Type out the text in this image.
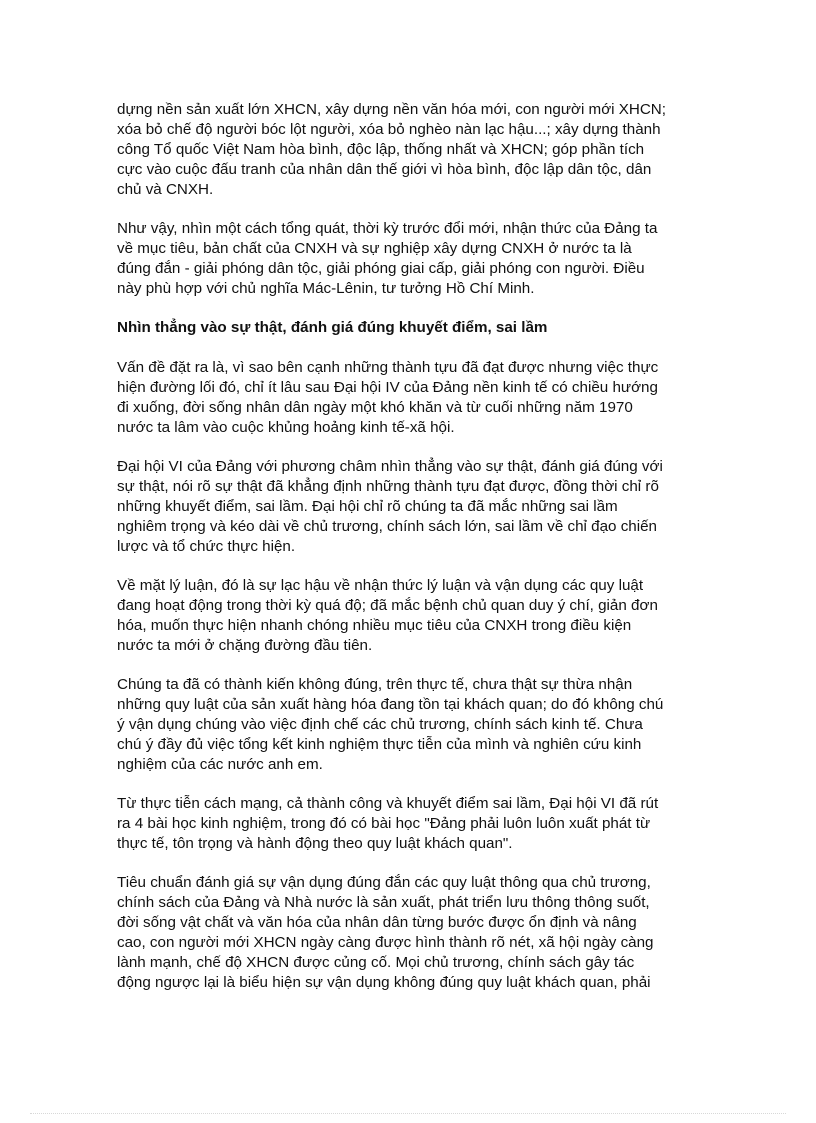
dựng nền sản xuất lớn XHCN, xây dựng nền văn hóa mới, con người mới XHCN;
xóa bỏ chế độ người bóc lột người, xóa bỏ nghèo nàn lạc hậu...; xây dựng thành
công Tổ quốc Việt Nam hòa bình, độc lập, thống nhất và XHCN; góp phần tích
cực vào cuộc đấu tranh của nhân dân thế giới vì hòa bình, độc lập dân tộc, dân
chủ và CNXH.

Như vậy, nhìn một cách tổng quát, thời kỳ trước đổi mới, nhận thức của Đảng ta
về mục tiêu, bản chất của CNXH và sự nghiệp xây dựng CNXH ở nước ta là
đúng đắn - giải phóng dân tộc, giải phóng giai cấp, giải phóng con người. Điều
này phù hợp với chủ nghĩa Mác-Lênin, tư tưởng Hồ Chí Minh.

Nhìn thẳng vào sự thật, đánh giá đúng khuyết điểm, sai lầm

Vấn đề đặt ra là, vì sao bên cạnh những thành tựu đã đạt được nhưng việc thực
hiện đường lối đó, chỉ ít lâu sau Đại hội IV của Đảng nền kinh tế có chiều hướng
đi xuống, đời sống nhân dân ngày một khó khăn và từ cuối những năm 1970
nước ta lâm vào cuộc khủng hoảng kinh tế-xã hội.

Đại hội VI của Đảng với phương châm nhìn thẳng vào sự thật, đánh giá đúng với
sự thật, nói rõ sự thật đã khẳng định những thành tựu đạt được, đồng thời chỉ rõ
những khuyết điểm, sai lầm. Đại hội chỉ rõ chúng ta đã mắc những sai lầm
nghiêm trọng và kéo dài về chủ trương, chính sách lớn, sai lầm về chỉ đạo chiến
lược và tổ chức thực hiện.

Về mặt lý luận, đó là sự lạc hậu về nhận thức lý luận và vận dụng các quy luật
đang hoạt động trong thời kỳ quá độ; đã mắc bệnh chủ quan duy ý chí, giản đơn
hóa, muốn thực hiện nhanh chóng nhiều mục tiêu của CNXH trong điều kiện
nước ta mới ở chặng đường đầu tiên.

Chúng ta đã có thành kiến không đúng, trên thực tế, chưa thật sự thừa nhận
những quy luật của sản xuất hàng hóa đang tồn tại khách quan; do đó không chú
ý vận dụng chúng vào việc định chế các chủ trương, chính sách kinh tế. Chưa
chú ý đầy đủ việc tổng kết kinh nghiệm thực tiễn của mình và nghiên cứu kinh
nghiệm của các nước anh em.

Từ thực tiễn cách mạng, cả thành công và khuyết điểm sai lầm, Đại hội VI đã rút
ra 4 bài học kinh nghiệm, trong đó có bài học "Đảng phải luôn luôn xuất phát từ
thực tế, tôn trọng và hành động theo quy luật khách quan".

Tiêu chuẩn đánh giá sự vận dụng đúng đắn các quy luật thông qua chủ trương,
chính sách của Đảng và Nhà nước là sản xuất, phát triển lưu thông thông suốt,
đời sống vật chất và văn hóa của nhân dân từng bước được ổn định và nâng
cao, con người mới XHCN ngày càng được hình thành rõ nét, xã hội ngày càng
lành mạnh, chế độ XHCN được củng cố. Mọi chủ trương, chính sách gây tác
động ngược lại là biểu hiện sự vận dụng không đúng quy luật khách quan, phải
